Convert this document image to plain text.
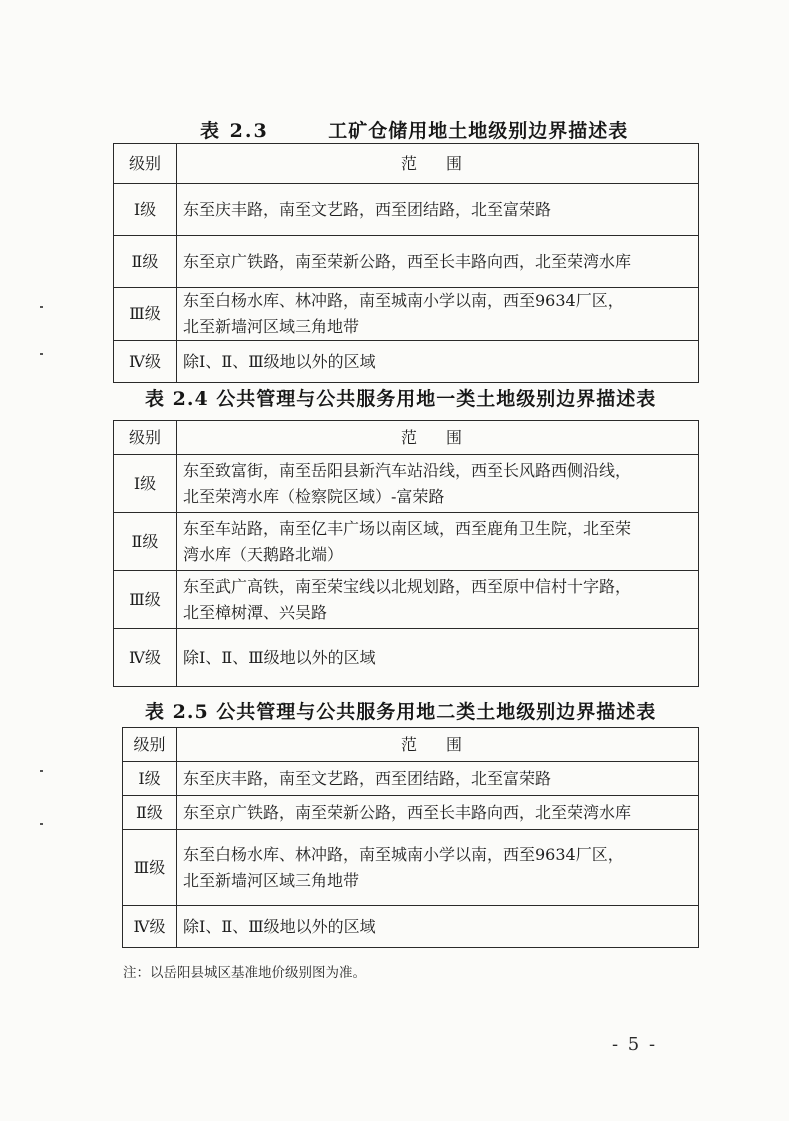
表 2.3	工矿仓储用地土地级别边界描述表
级别	范 围
Ⅰ级	东至庆丰路，南至文艺路，西至团结路，北至富荣路

Ⅱ级	东至京广铁路，南至荣新公路，西至长丰路向西，北至荣湾水库

Ⅲ级	东至白杨水库、林冲路，南至城南小学以南，西至9634厂区，
北至新墙河区域三角地带

Ⅳ级	除Ⅰ、Ⅱ、Ⅲ级地以外的区域
表 2.4 公共管理与公共服务用地一类土地级别边界描述表
级别	范 围
Ⅰ级	东至致富街，南至岳阳县新汽车站沿线，西至长风路西侧沿线，
北至荣湾水库（检察院区域）-富荣路

Ⅱ级	东至车站路，南至亿丰广场以南区域，西至鹿角卫生院，北至荣
湾水库（天鹅路北端）

Ⅲ级	东至武广高铁，南至荣宝线以北规划路，西至原中信村十字路，
北至樟树潭、兴吴路

Ⅳ级	除Ⅰ、Ⅱ、Ⅲ级地以外的区域
表 2.5 公共管理与公共服务用地二类土地级别边界描述表
级别	范 围
Ⅰ级	东至庆丰路，南至文艺路，西至团结路，北至富荣路

Ⅱ级	东至京广铁路，南至荣新公路，西至长丰路向西，北至荣湾水库

Ⅲ级	东至白杨水库、林冲路，南至城南小学以南，西至9634厂区，
北至新墙河区域三角地带

Ⅳ级	除Ⅰ、Ⅱ、Ⅲ级地以外的区域
注：以岳阳县城区基准地价级别图为准。
- 5 -
